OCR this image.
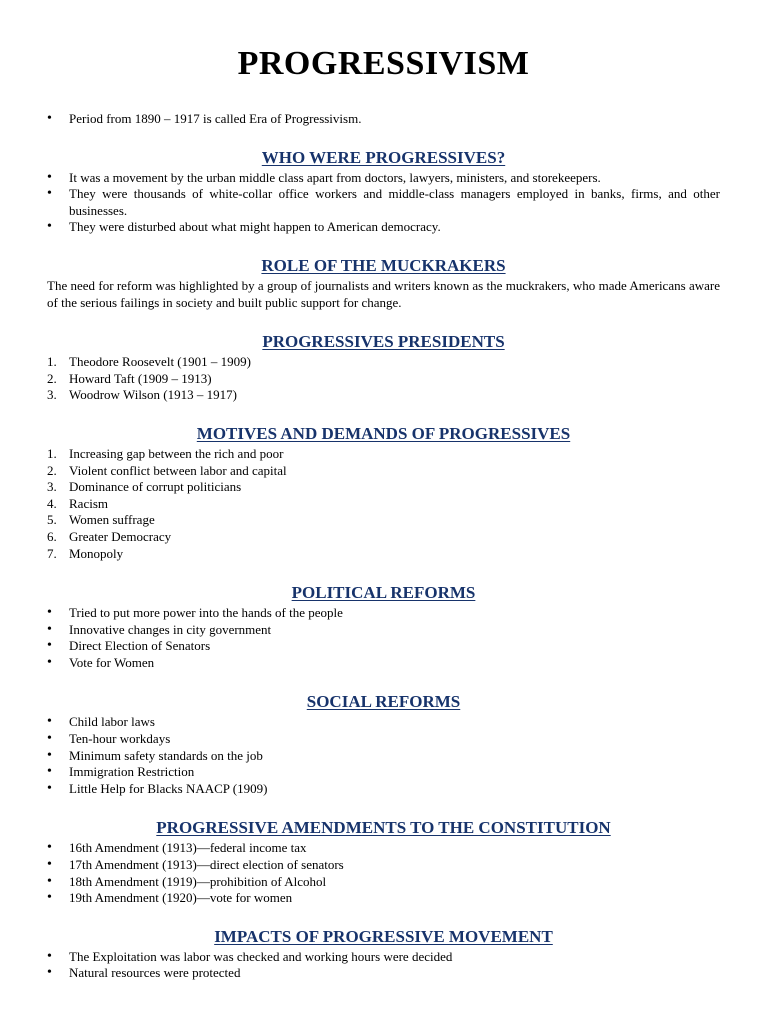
PROGRESSIVISM
• Period from 1890 – 1917 is called Era of Progressivism.
WHO WERE PROGRESSIVES?
• It was a movement by the urban middle class apart from doctors, lawyers, ministers, and storekeepers.
• They were thousands of white-collar office workers and middle-class managers employed in banks, firms, and other businesses.
• They were disturbed about what might happen to American democracy.
ROLE OF THE MUCKRAKERS

The need for reform was highlighted by a group of journalists and writers known as the muckrakers, who made Americans aware of the serious failings in society and built public support for change.

PROGRESSIVES PRESIDENTS
1. Theodore Roosevelt (1901 – 1909)
2. Howard Taft (1909 – 1913)
3. Woodrow Wilson (1913 – 1917)
MOTIVES AND DEMANDS OF PROGRESSIVES
1. Increasing gap between the rich and poor
2. Violent conflict between labor and capital
3. Dominance of corrupt politicians
4. Racism
5. Women suffrage
6. Greater Democracy
7. Monopoly
POLITICAL REFORMS
• Tried to put more power into the hands of the people
• Innovative changes in city government
• Direct Election of Senators
• Vote for Women
SOCIAL REFORMS
• Child labor laws
• Ten-hour workdays
• Minimum safety standards on the job
• Immigration Restriction
• Little Help for Blacks NAACP (1909)
PROGRESSIVE AMENDMENTS TO THE CONSTITUTION
• 16th Amendment (1913)—federal income tax
• 17th Amendment (1913)—direct election of senators
• 18th Amendment (1919)—prohibition of Alcohol
• 19th Amendment (1920)—vote for women
IMPACTS OF PROGRESSIVE MOVEMENT
• The Exploitation was labor was checked and working hours were decided
• Natural resources were protected
